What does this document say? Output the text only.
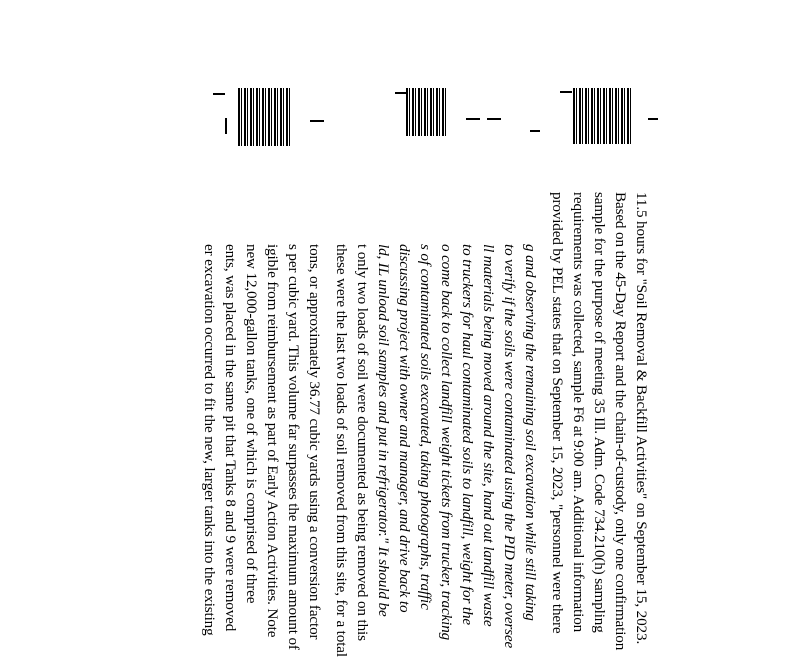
11.5 hours for "Soil Removal & Backfill Activities" on September 15, 2023.
Based on the 45-Day Report and the chain-of-custody, only one confirmation
sample for the purpose of meeting 35 Ill. Adm. Code 734.210(h) sampling
requirements was collected, sample F6 at 9:00 am. Additional information
provided by PEL states that on September 15, 2023, "personnel were there
g and observing the remaining soil excavation while still taking
to verify if the soils were contaminated using the PID meter, oversee
ll materials being moved around the site, hand out landfill waste
to truckers for haul contaminated soils to landfill, weight for the
o come back to collect landfill weight tickets from trucker, tracking
s of contaminated soils excavated, taking photographs, traffic
discussing project with owner and manager, and drive back to
ld, IL unload soil samples and put in refrigerator." It should be
t only two loads of soil were documented as being removed on this
these were the last two loads of soil removed from this site, for a total
tons, or approximately 36.77 cubic yards using a conversion factor
s per cubic yard. This volume far surpasses the maximum amount of
igible from reimbursement as part of Early Action Activities. Note
new 12,000-gallon tanks, one of which is comprised of three
ents, was placed in the same pit that Tanks 8 and 9 were removed
er excavation occurred to fit the new, larger tanks into the existing
